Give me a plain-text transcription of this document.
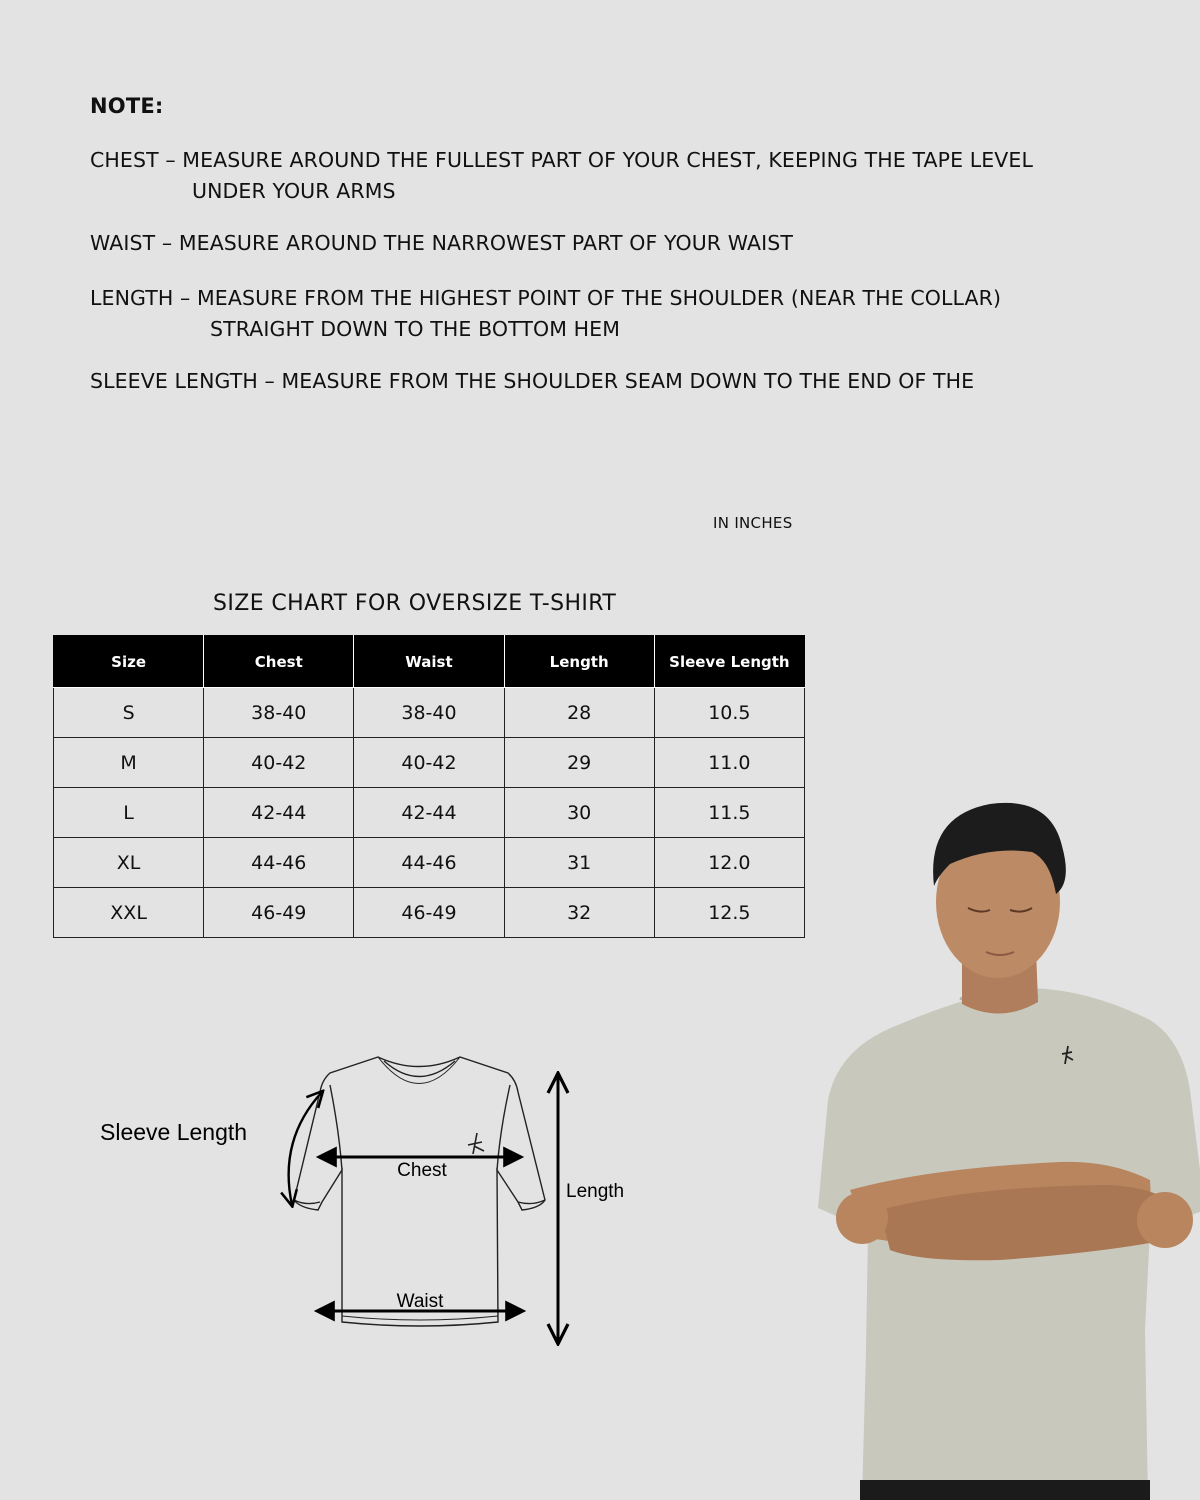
NOTE:
CHEST – MEASURE AROUND THE FULLEST PART OF YOUR CHEST, KEEPING THE TAPE LEVEL
UNDER YOUR ARMS
WAIST – MEASURE AROUND THE NARROWEST PART OF YOUR WAIST
LENGTH – MEASURE FROM THE HIGHEST POINT OF THE SHOULDER (NEAR THE COLLAR)
STRAIGHT DOWN TO THE BOTTOM HEM
SLEEVE LENGTH – MEASURE FROM THE SHOULDER SEAM DOWN TO THE END OF THE
IN INCHES
SIZE CHART FOR OVERSIZE T-SHIRT
Size	Chest	Waist	Length	Sleeve Length
S	38-40	38-40	28	10.5
M	40-42	40-42	29	11.0
L	42-44	42-44	30	11.5
XL	44-46	44-46	31	12.0
XXL	46-49	46-49	32	12.5
Chest
Waist
Length
Sleeve Length
